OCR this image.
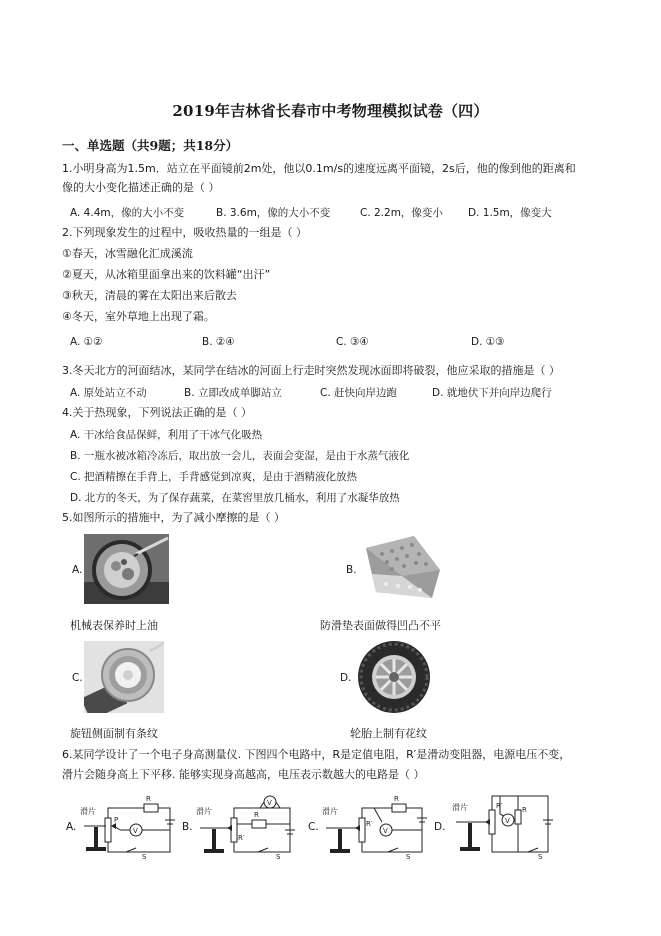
2019年吉林省长春市中考物理模拟试卷（四）
一、单选题（共9题；共18分）
1.小明身高为1.5m．站立在平面镜前2m处，他以0.1m/s的速度远离平面镜，2s后，他的像到他的距离和
像的大小变化描述正确的是（ ）
A. 4.4m，像的大小不变	B. 3.6m，像的大小不变	C. 2.2m，像变小 D. 1.5m，像变大
2.下列现象发生的过程中，吸收热量的一组是（ ）
①春天，冰雪融化汇成溪流
②夏天，从冰箱里面拿出来的饮料罐“出汗”
③秋天，清晨的雾在太阳出来后散去
④冬天，室外草地上出现了霜。
A. ①②	B. ②④	C. ③④	D. ①③
3.冬天北方的河面结冰，某同学在结冰的河面上行走时突然发现冰面即将破裂，他应采取的措施是（ ）
A. 原处站立不动	B. 立即改成单脚站立	C. 赶快向岸边跑	D. 就地伏下并向岸边爬行
4.关于热现象，下列说法正确的是（ ）
A. 干冰给食品保鲜，利用了干冰气化吸热
B. 一瓶水被冰箱冷冻后，取出放一会儿，表面会变湿，是由于水蒸气液化
C. 把酒精擦在手背上，手背感觉到凉爽，是由于酒精液化放热
D. 北方的冬天，为了保存蔬菜，在菜窖里放几桶水，利用了水凝华放热
5.如图所示的措施中，为了减小摩擦的是（ ）
A.
机械表保养时上油
B.
防滑垫表面做得凹凸不平
C.
旋钮侧面制有条纹
D.
轮胎上制有花纹
6.某同学设计了一个电子身高测量仪. 下图四个电路中，R是定值电阻，R′是滑动变阻器，电源电压不变，
滑片会随身高上下平移. 能够实现身高越高，电压表示数越大的电路是（ ）
A.
R
P
V
S
滑片
B.
V
R
R′
S
滑片
C.
R
V
R′
S
滑片
D.
R′	R
V
S
滑片
